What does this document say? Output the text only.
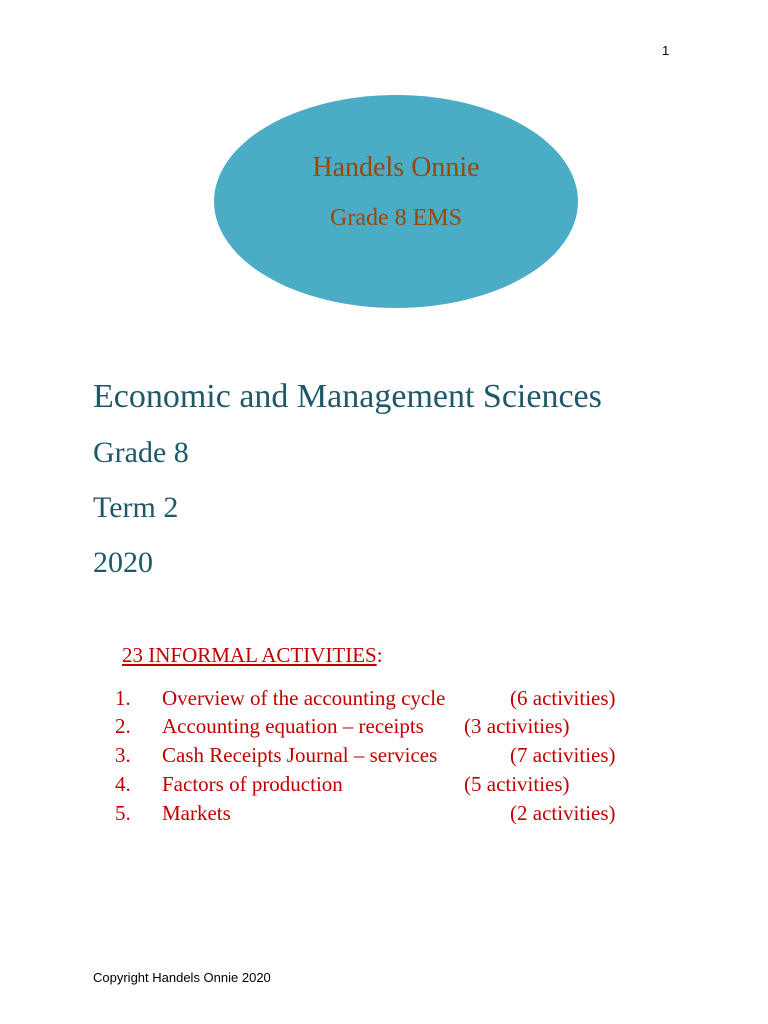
1
Handels Onnie
Grade 8 EMS
Economic and Management Sciences
Grade 8
Term 2
2020
23 INFORMAL ACTIVITIES:
1. Overview of the accounting cycle	(6 activities)
2. Accounting equation – receipts (3 activities)
3. Cash Receipts Journal – services	(7 activities)
4. Factors of production	(5 activities)
5. Markets	(2 activities)
Copyright Handels Onnie 2020
